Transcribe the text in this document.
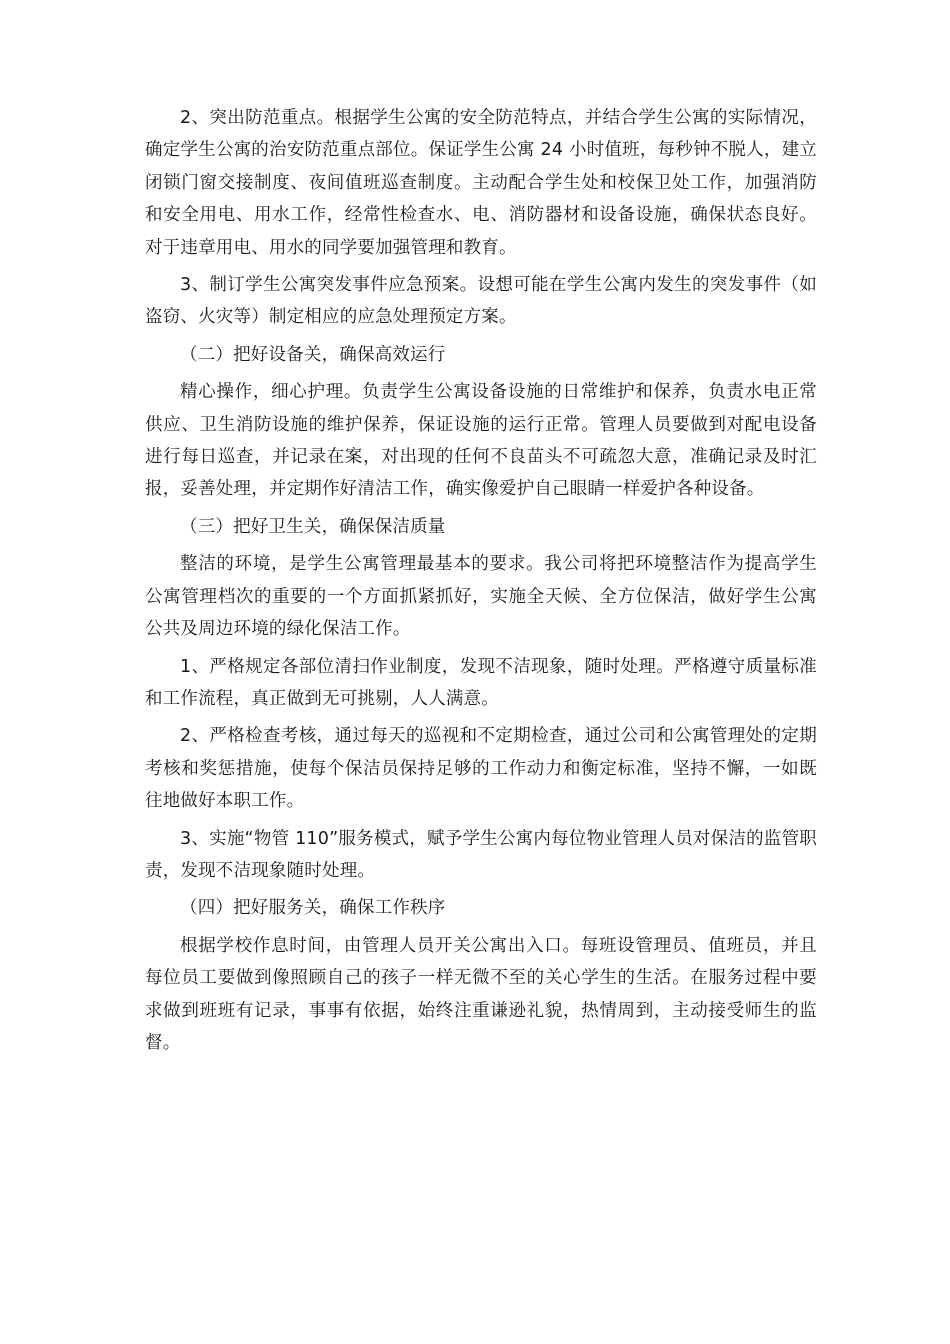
2、突出防范重点。根据学生公寓的安全防范特点，并结合学生公寓的实际情况，确定学生公寓的治安防范重点部位。保证学生公寓 24 小时值班，每秒钟不脱人，建立闭锁门窗交接制度、夜间值班巡查制度。主动配合学生处和校保卫处工作，加强消防和安全用电、用水工作，经常性检查水、电、消防器材和设备设施，确保状态良好。对于违章用电、用水的同学要加强管理和教育。

3、制订学生公寓突发事件应急预案。设想可能在学生公寓内发生的突发事件（如盗窃、火灾等）制定相应的应急处理预定方案。

（二）把好设备关，确保高效运行

精心操作，细心护理。负责学生公寓设备设施的日常维护和保养，负责水电正常供应、卫生消防设施的维护保养，保证设施的运行正常。管理人员要做到对配电设备进行每日巡查，并记录在案，对出现的任何不良苗头不可疏忽大意，准确记录及时汇报，妥善处理，并定期作好清洁工作，确实像爱护自己眼睛一样爱护各种设备。

（三）把好卫生关，确保保洁质量

整洁的环境，是学生公寓管理最基本的要求。我公司将把环境整洁作为提高学生公寓管理档次的重要的一个方面抓紧抓好，实施全天候、全方位保洁，做好学生公寓公共及周边环境的绿化保洁工作。

1、严格规定各部位清扫作业制度，发现不洁现象，随时处理。严格遵守质量标准和工作流程，真正做到无可挑剔，人人满意。

2、严格检查考核，通过每天的巡视和不定期检查，通过公司和公寓管理处的定期考核和奖惩措施，使每个保洁员保持足够的工作动力和衡定标准，坚持不懈，一如既往地做好本职工作。

3、实施“物管 110”服务模式，赋予学生公寓内每位物业管理人员对保洁的监管职责，发现不洁现象随时处理。

（四）把好服务关，确保工作秩序

根据学校作息时间，由管理人员开关公寓出入口。每班设管理员、值班员，并且每位员工要做到像照顾自己的孩子一样无微不至的关心学生的生活。在服务过程中要求做到班班有记录，事事有依据，始终注重谦逊礼貌，热情周到，主动接受师生的监督。
